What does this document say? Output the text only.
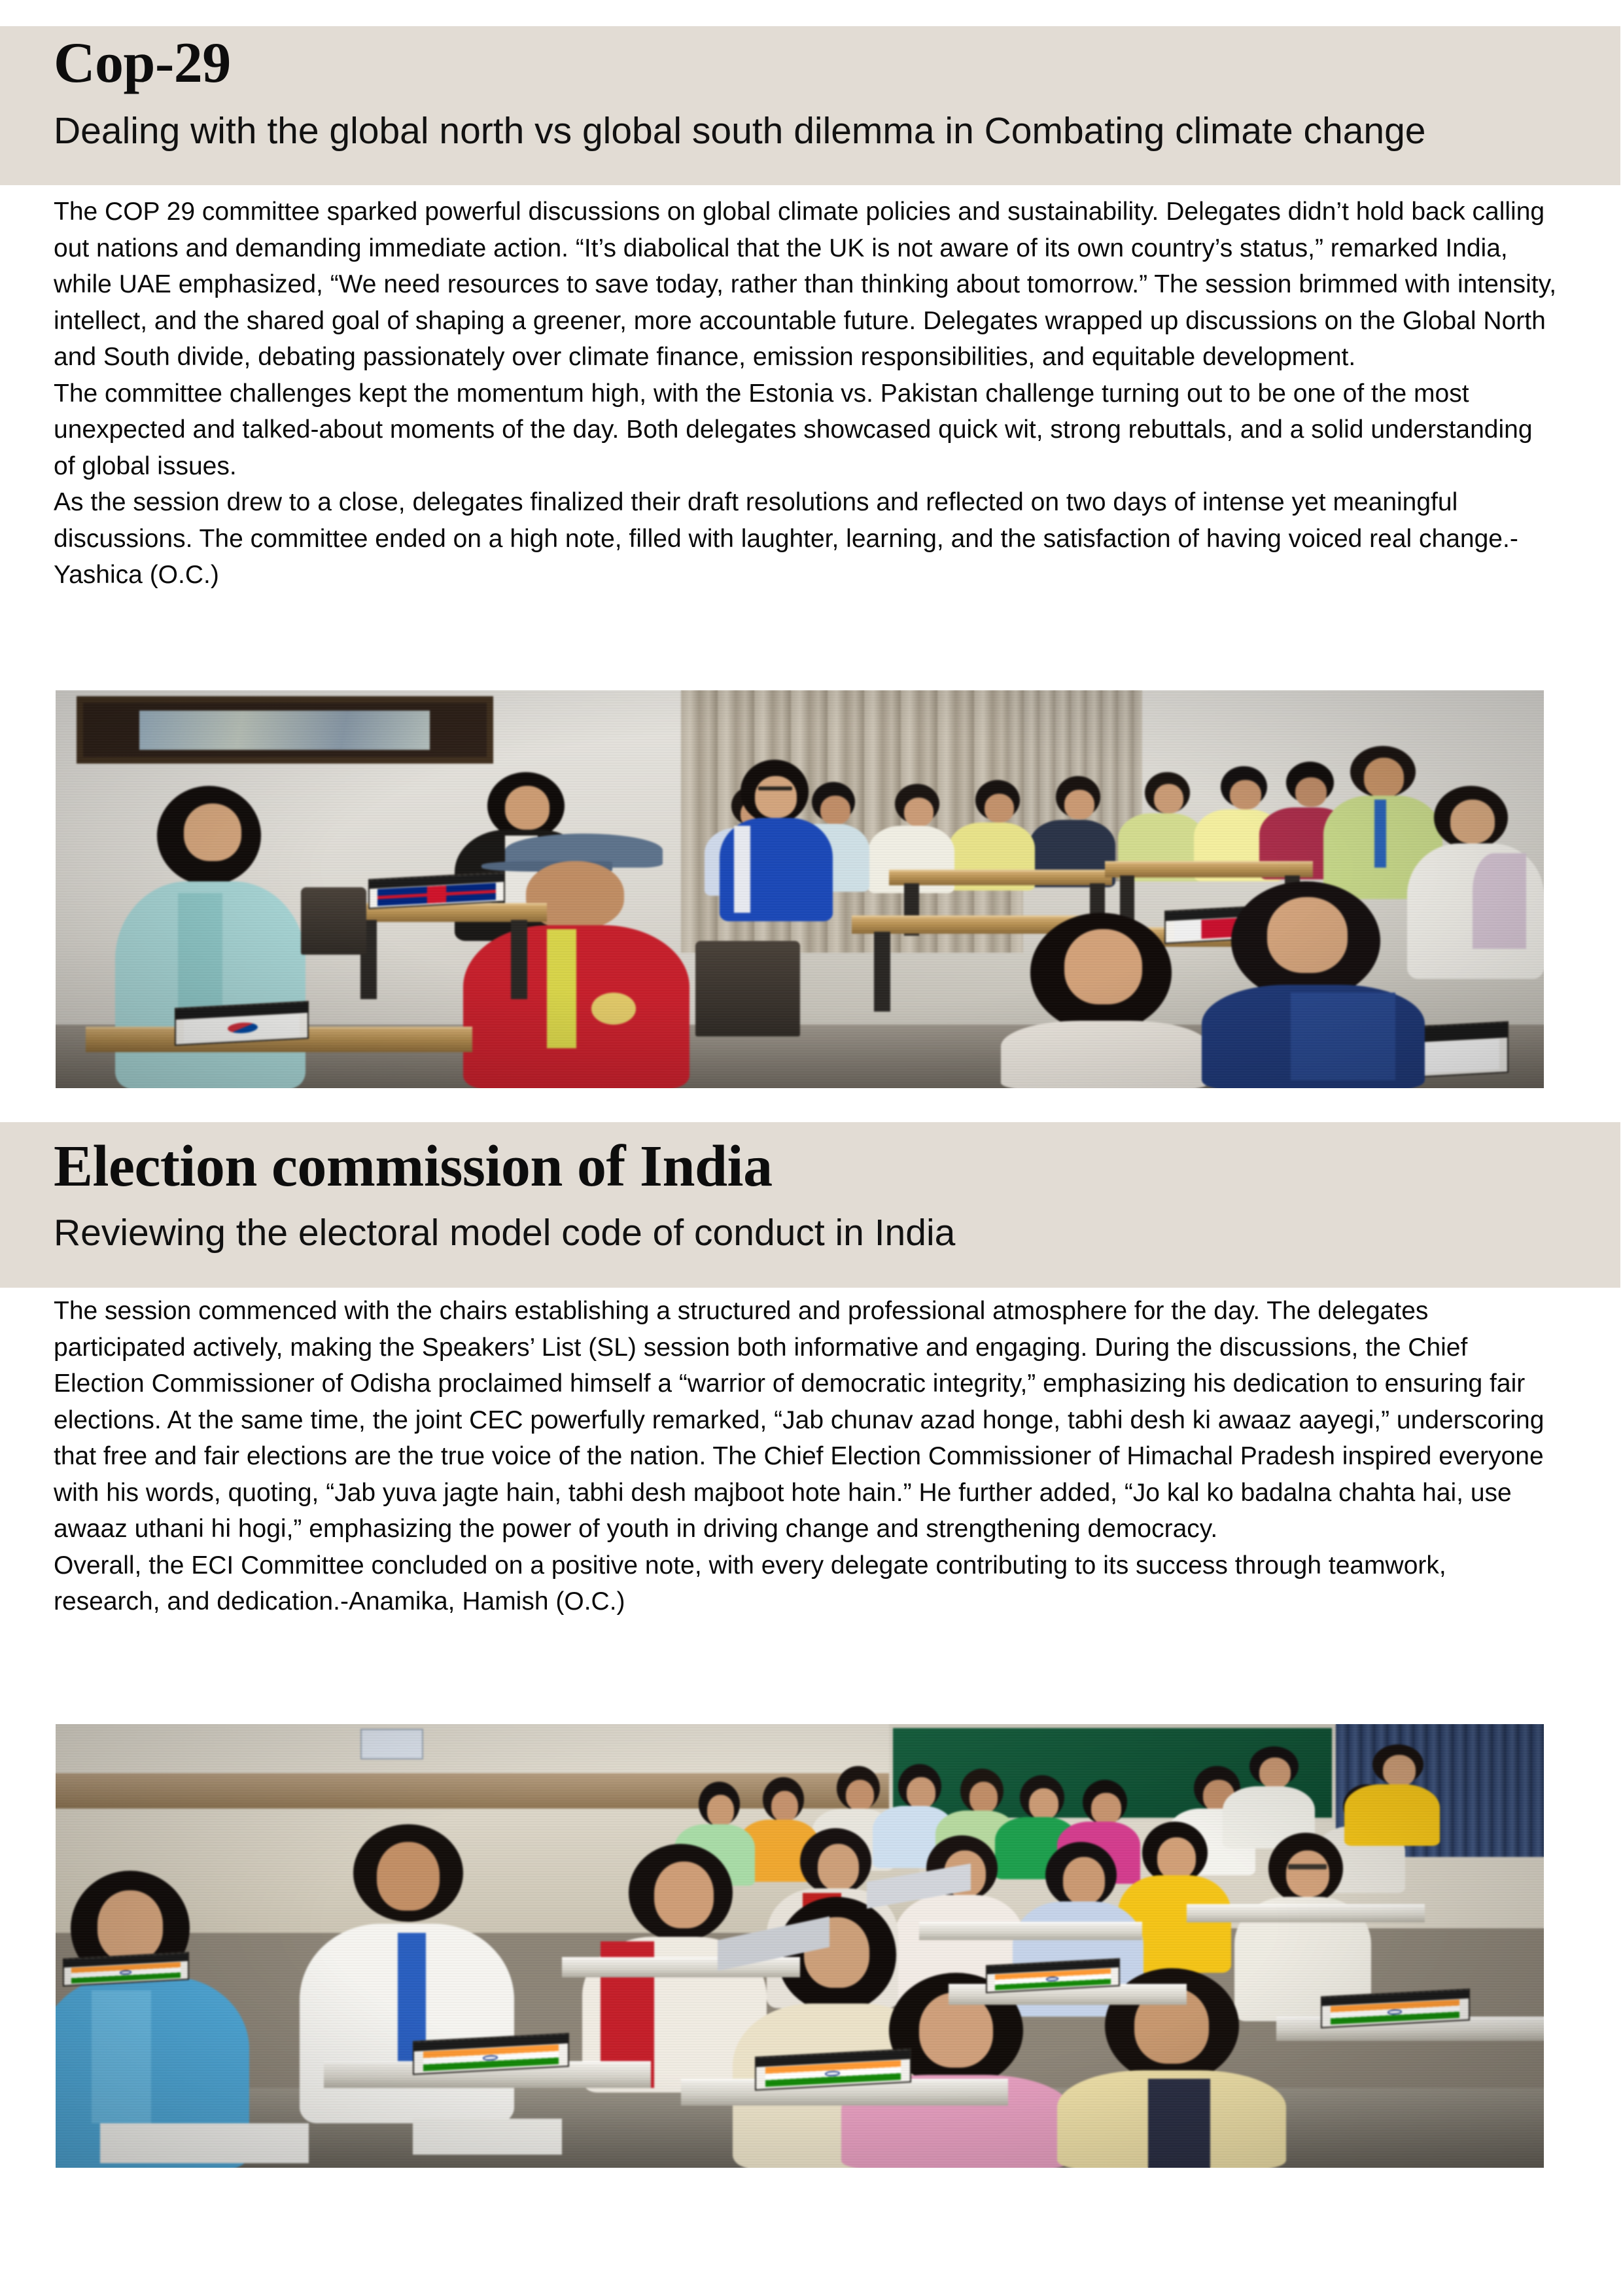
Cop-29
Dealing with the global north vs global south dilemma in Combating climate change

The COP 29 committee sparked powerful discussions on global climate policies and sustainability. Delegates didn’t hold back calling out nations and demanding immediate action. “It’s diabolical that the UK is not aware of its own country’s status,” remarked India, while UAE emphasized, “We need resources to save today, rather than thinking about tomorrow.” The session brimmed with intensity, intellect, and the shared goal of shaping a greener, more accountable future. Delegates wrapped up discussions on the Global North and South divide, debating passionately over climate finance, emission responsibilities, and equitable development.

The committee challenges kept the momentum high, with the Estonia vs. Pakistan challenge turning out to be one of the most unexpected and talked-about moments of the day. Both delegates showcased quick wit, strong rebuttals, and a solid understanding of global issues.

As the session drew to a close, delegates finalized their draft resolutions and reflected on two days of intense yet meaningful discussions. The committee ended on a high note, filled with laughter, learning, and the satisfaction of having voiced real change.-Yashica (O.C.)

Election commission of India
Reviewing the electoral model code of conduct in India

The session commenced with the chairs establishing a structured and professional atmosphere for the day. The delegates participated actively, making the Speakers’ List (SL) session both informative and engaging. During the discussions, the Chief Election Commissioner of Odisha proclaimed himself a “warrior of democratic integrity,” emphasizing his dedication to ensuring fair elections. At the same time, the joint CEC powerfully remarked, “Jab chunav azad honge, tabhi desh ki awaaz aayegi,” underscoring that free and fair elections are the true voice of the nation. The Chief Election Commissioner of Himachal Pradesh inspired everyone with his words, quoting, “Jab yuva jagte hain, tabhi desh majboot hote hain.” He further added, “Jo kal ko badalna chahta hai, use awaaz uthani hi hogi,” emphasizing the power of youth in driving change and strengthening democracy.

Overall, the ECI Committee concluded on a positive note, with every delegate contributing to its success through teamwork, research, and dedication.-Anamika, Hamish (O.C.)
